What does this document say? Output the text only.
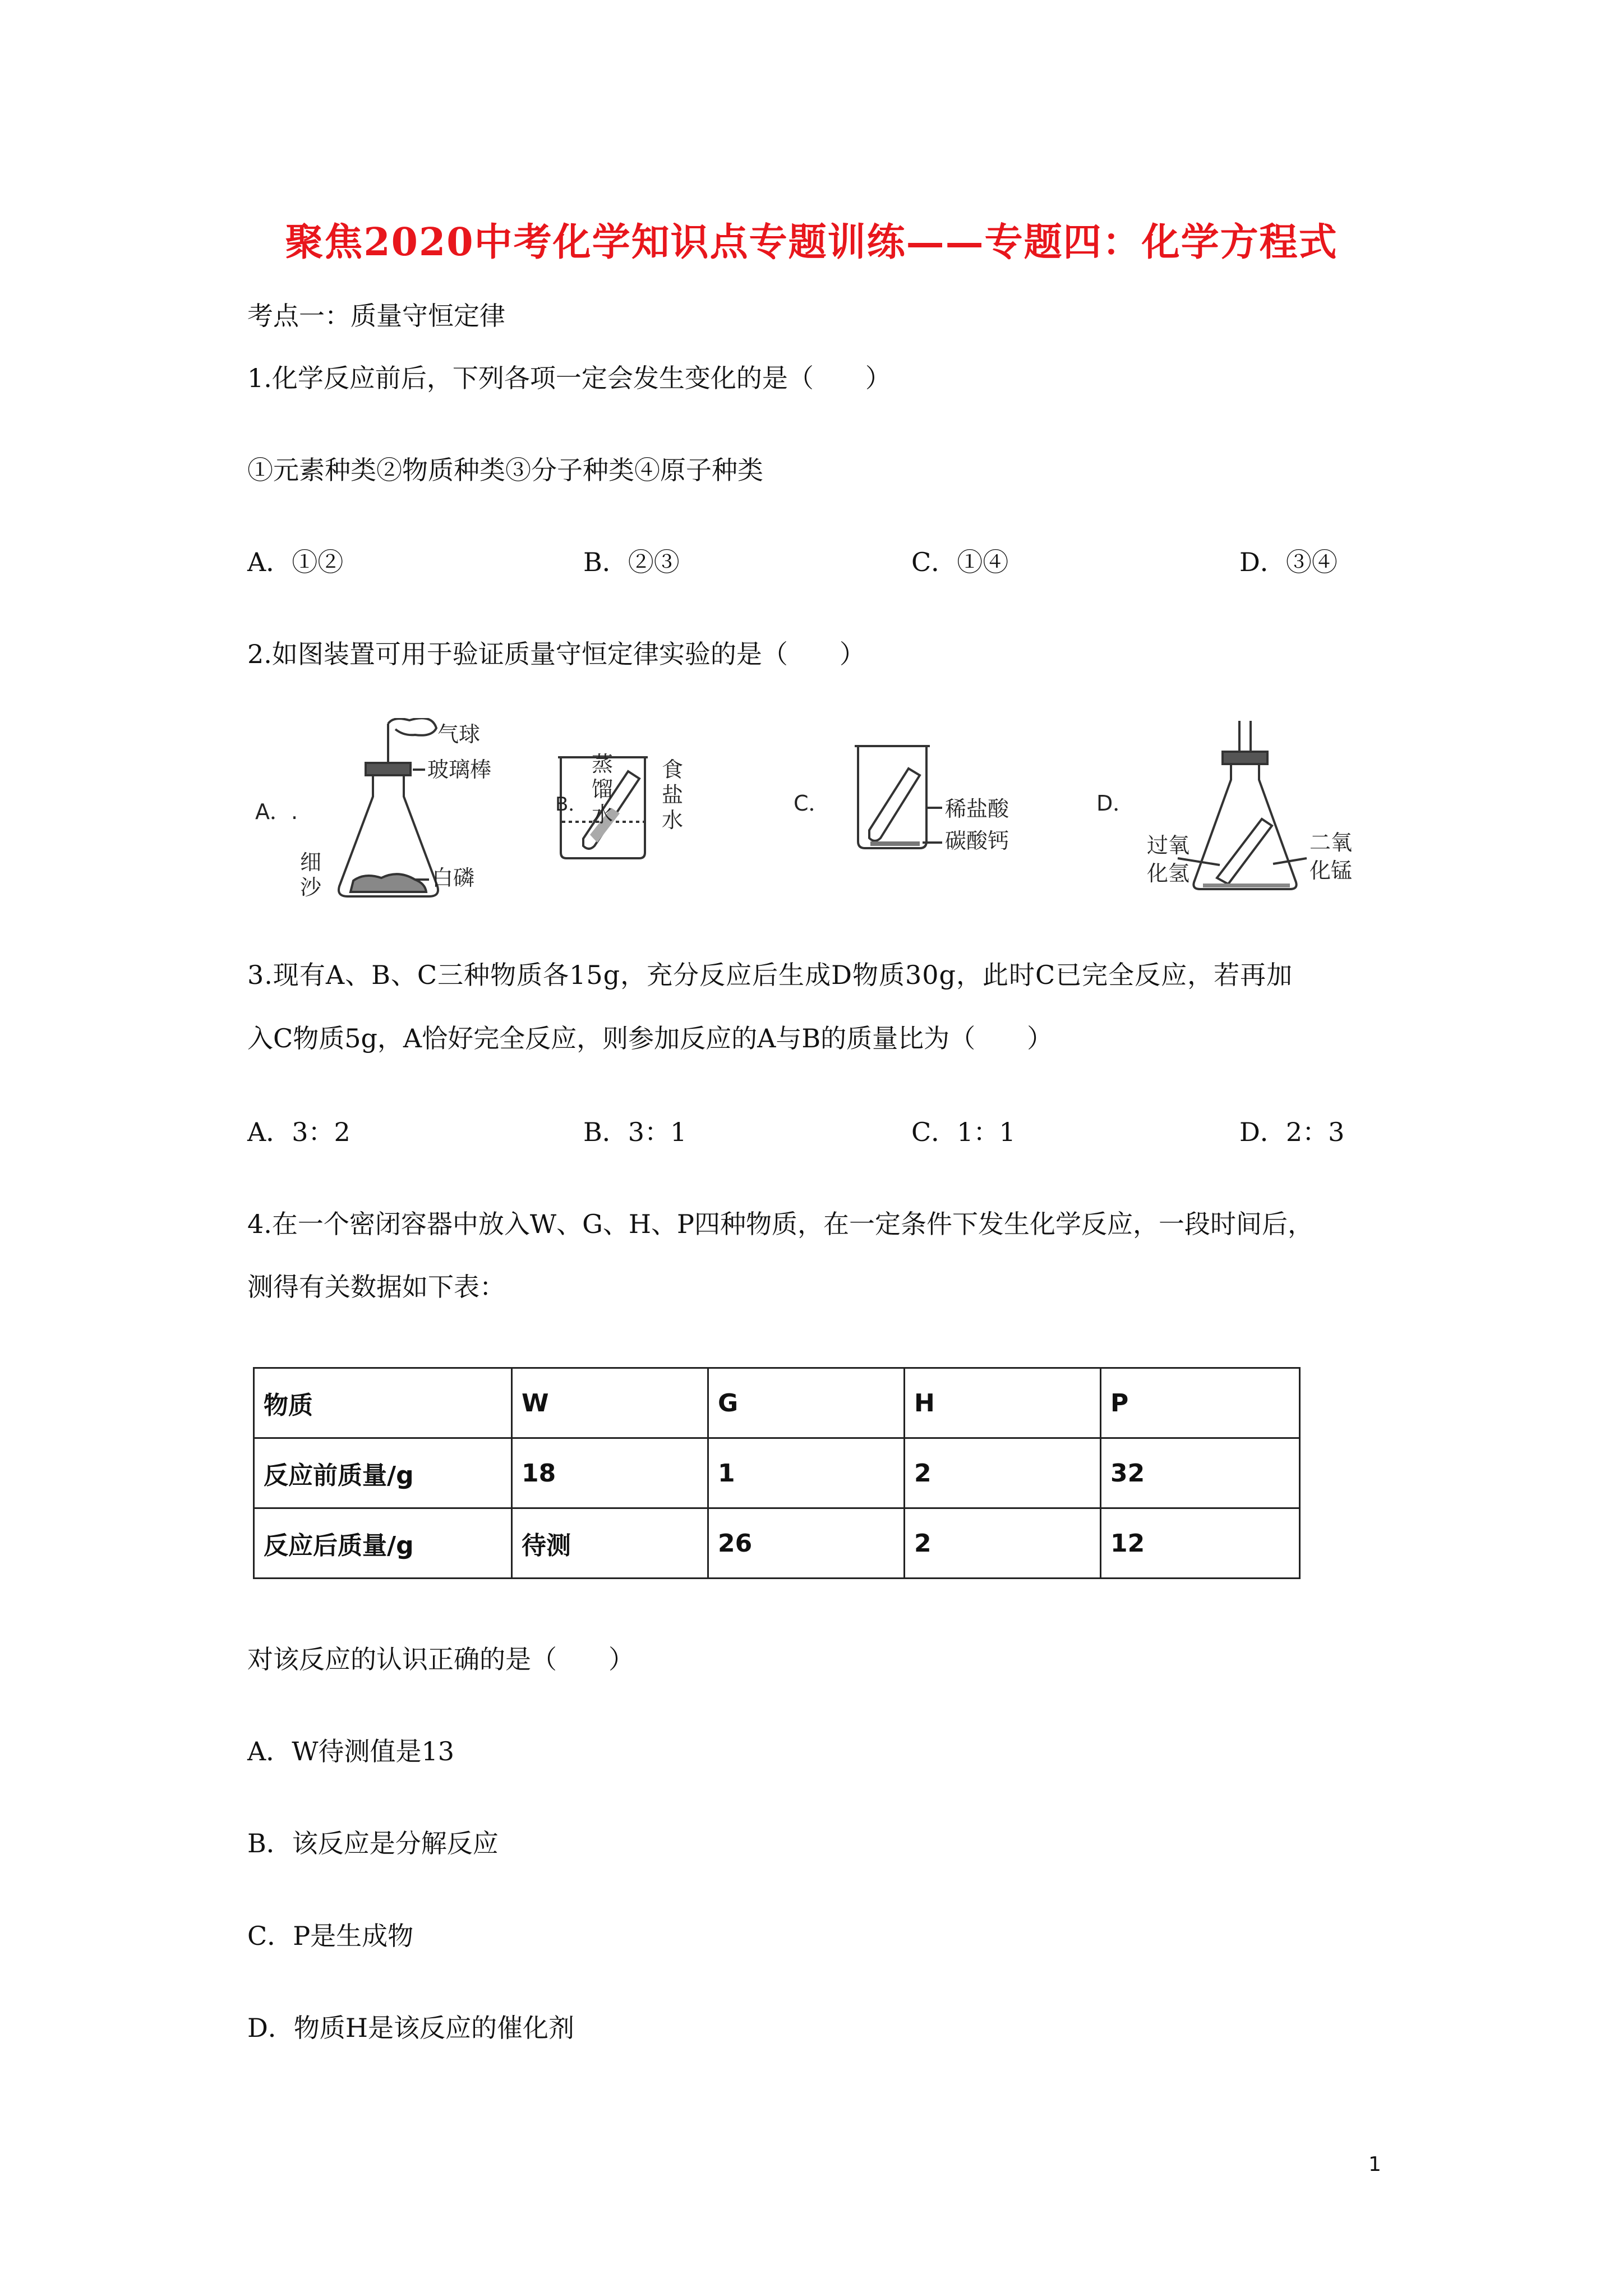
聚焦2020中考化学知识点专题训练——专题四：化学方程式
考点一：质量守恒定律
1.化学反应前后，下列各项一定会发生变化的是（　　）
①元素种类②物质种类③分子种类④原子种类
A．①②	B．②③	C．①④	D．③④
2.如图装置可用于验证质量守恒定律实验的是（　　）
A．.
气球
玻璃棒
细
沙	白磷
B．
蒸
馏
水
食
盐
水
C．	稀盐酸
碳酸钙
D．
过氧
化氢
二氧
化锰
3.现有A、B、C三种物质各15g，充分反应后生成D物质30g，此时C已完全反应，若再加
入C物质5g，A恰好完全反应，则参加反应的A与B的质量比为（　　）
A．3：2	B．3：1	C．1：1	D．2：3
4.在一个密闭容器中放入W、G、H、P四种物质，在一定条件下发生化学反应，一段时间后，
测得有关数据如下表：
物质	W	G	H	P
反应前质量/g	18	1	2	32
反应后质量/g	待测	26	2	12
对该反应的认识正确的是（　　）
A．W待测值是13
B．该反应是分解反应
C．P是生成物
D．物质H是该反应的催化剂
1
